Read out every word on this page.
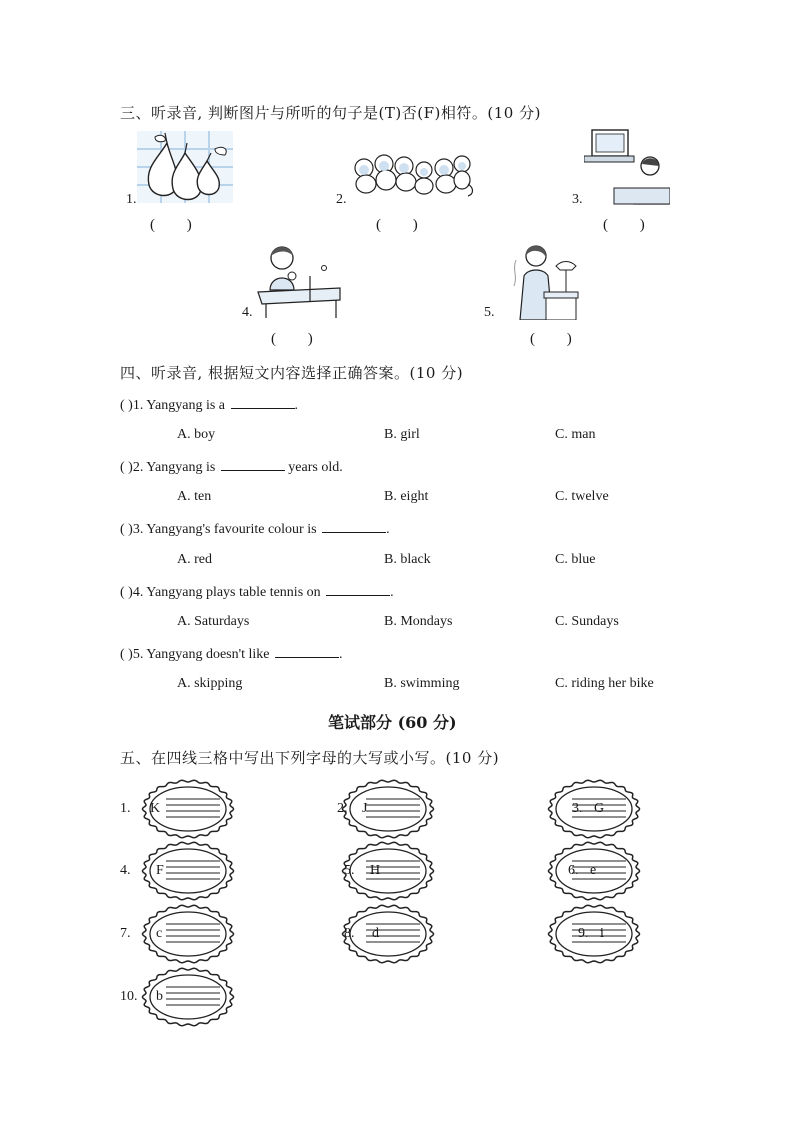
三、听录音, 判断图片与所听的句子是(T)否(F)相符。(10 分)
1.
( )
2.
( )
3.
( )
4.
( )
5.
( )
四、听录音, 根据短文内容选择正确答案。(10 分)
( )1. Yangyang is a	.
A. boy	B. girl	C. man
( )2. Yangyang is	years old.
A. ten	B. eight	C. twelve
( )3. Yangyang's favourite colour is	.
A. red	B. black	C. blue
( )4. Yangyang plays table tennis on	.
A. Saturdays	B. Mondays	C. Sundays
( )5. Yangyang doesn't like	.
A. skipping	B. swimming	C. riding her bike
笔试部分 (60 分)
五、在四线三格中写出下列字母的大写或小写。(10 分)
K
1.	J
2.	G
3.
F
4.	H
5.	e
6.
c
7.	d
8.	i
9.
b
10.
